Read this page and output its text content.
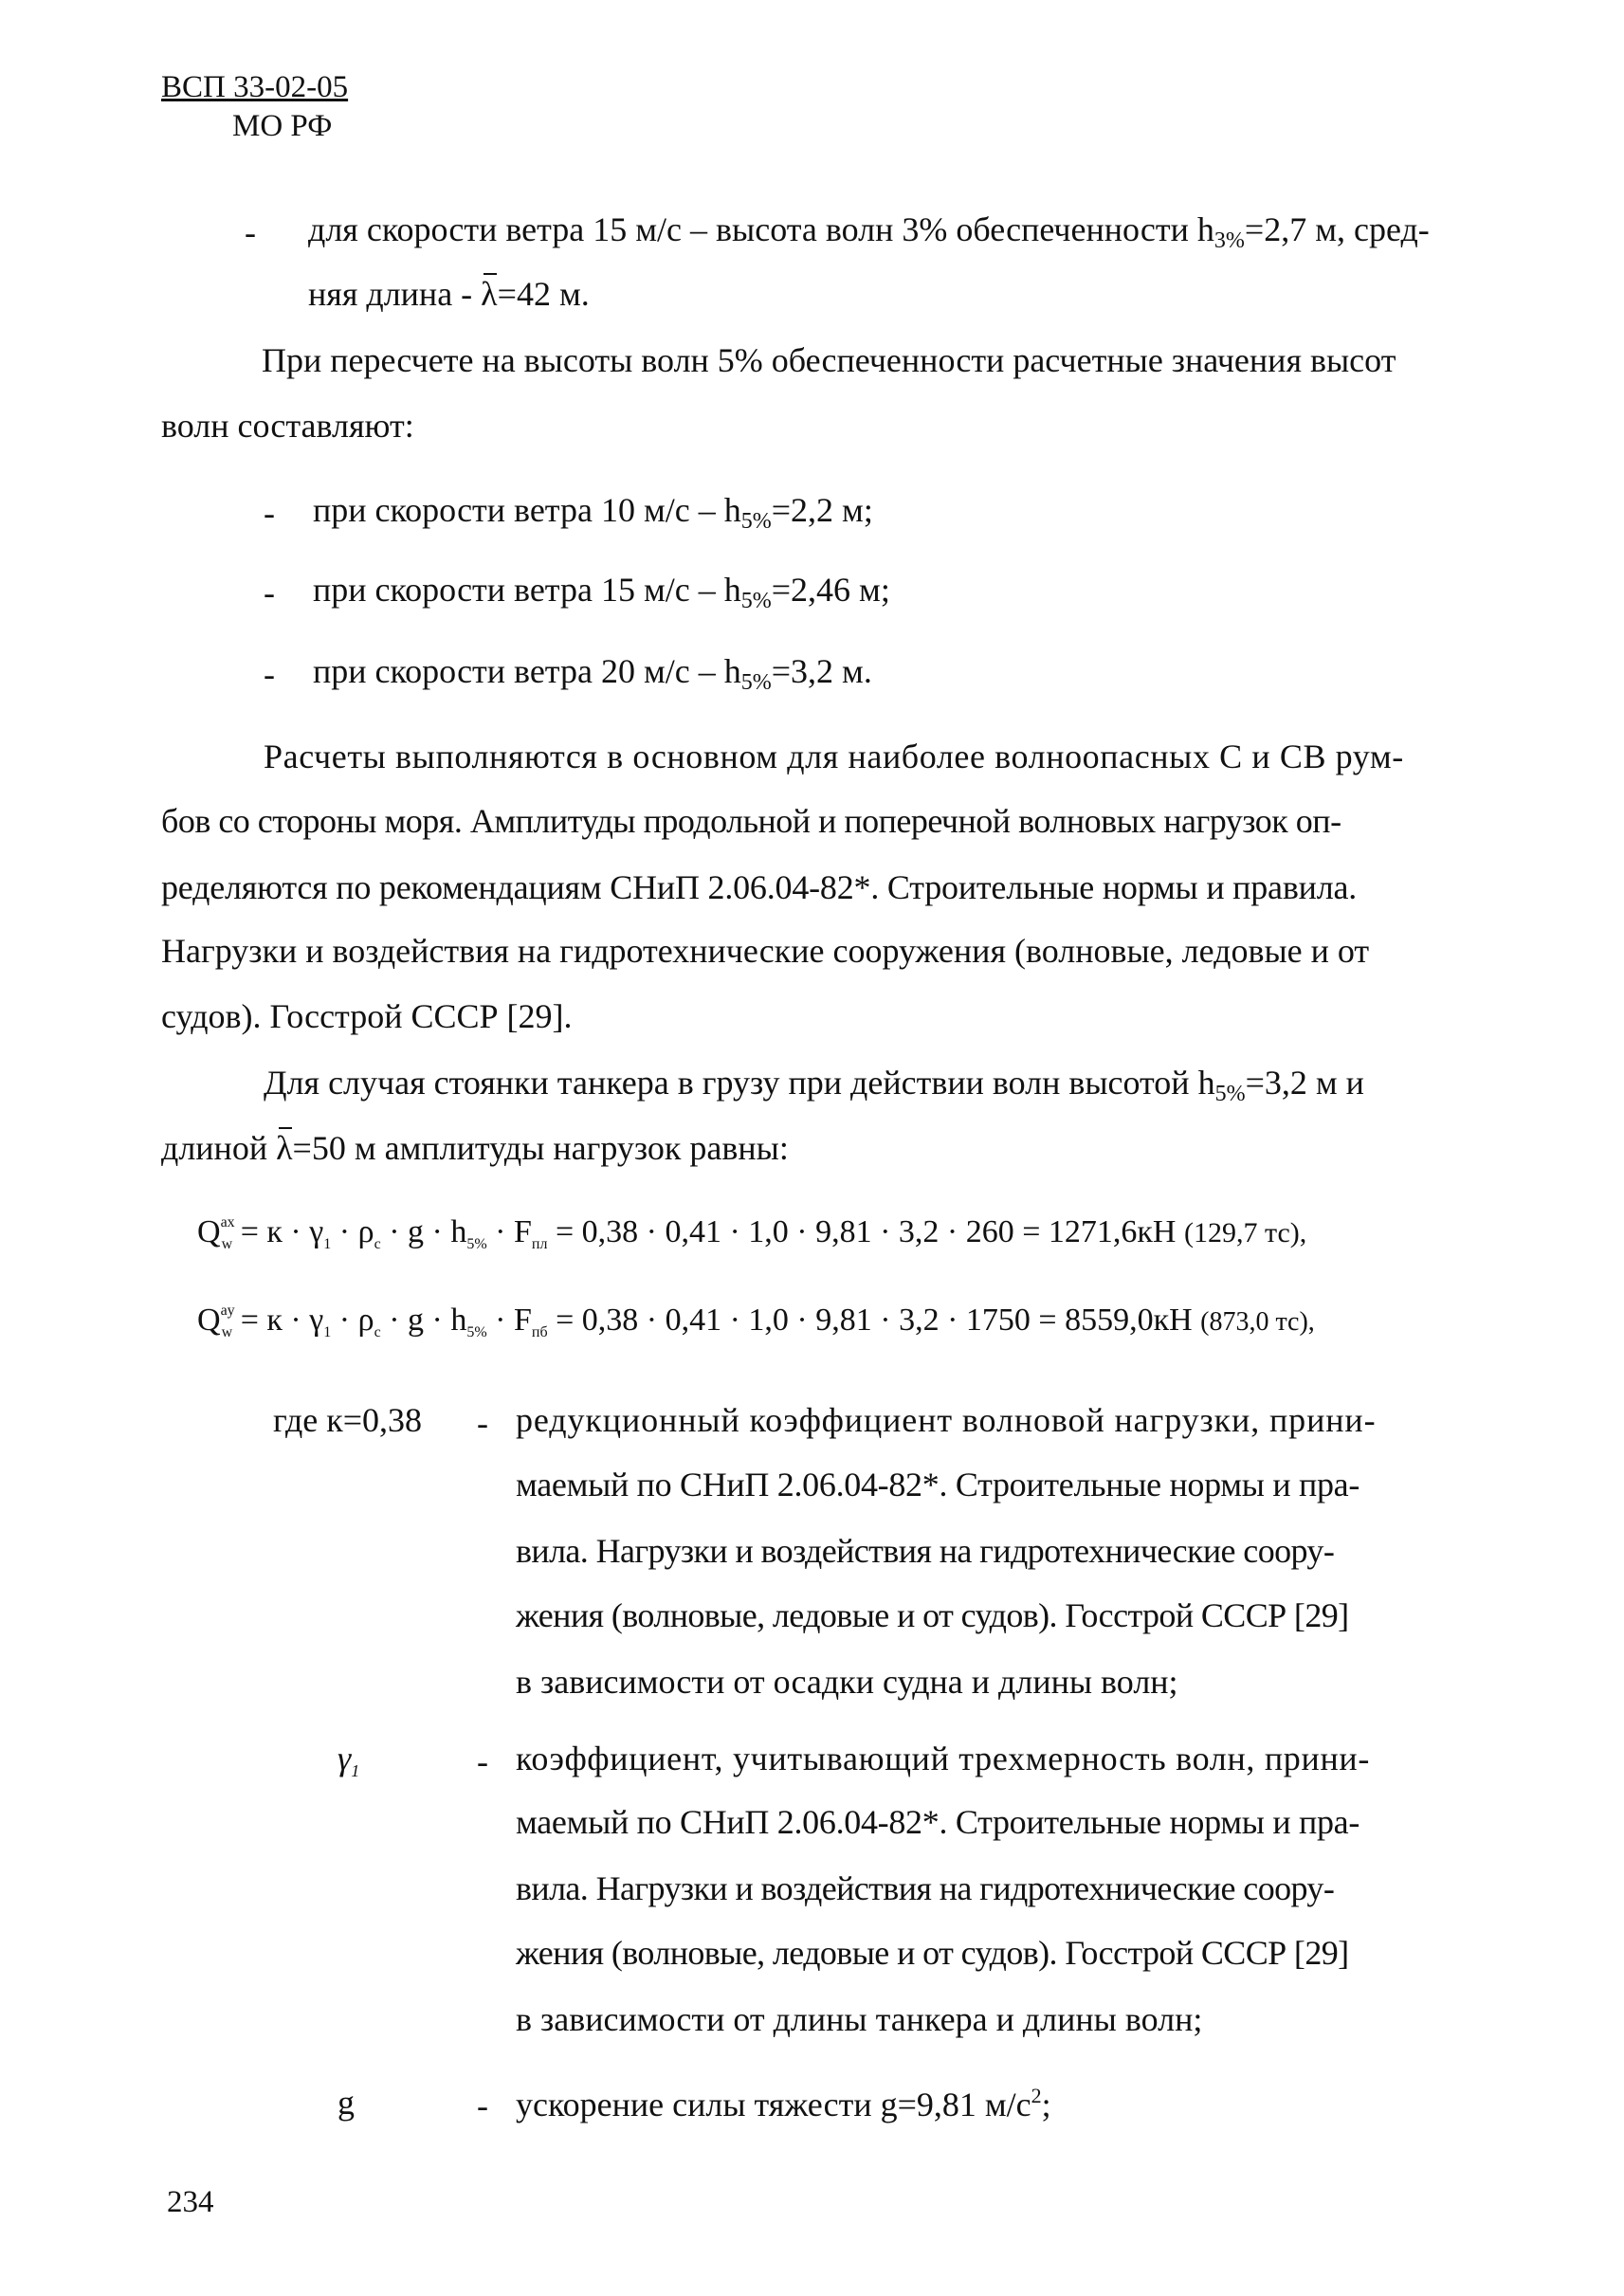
ВСП 33-02-05
МО РФ
- для скорости ветра 15 м/с – высота волн 3% обеспеченности $h_{3\%}=2,7$ м, сред-
няя длина - λ=42 м.
При пересчете на высоты волн 5% обеспеченности расчетные значения высот
волн составляют:
- при скорости ветра 10 $м/с - h_{5\%}=2,2$ м;
- при скорости ветра 15 $м/с - h_{5\%}=2,46$ м;
- при скорости ветра 20 $м/с - h_{5\%}=3,2$ м.
Расчеты выполняются в основном для наиболее волноопасных С и СВ рум-
бов со стороны моря. Амплитуды продольной и поперечной волновых нагрузок оп-
ределяются по рекомендациям СНиП 2.06.04-82*. Строительные нормы и правила.
Нагрузки и воздействия на гидротехнические сооружения (волновые, ледовые и от
судов). Госстрой СССР [29].
Для случая стоянки танкера в грузу при действии волн высотой $h_{5\%}=3,2$ м и
длиной λ=50 м амплитуды нагрузок равны:
$Q^{ax}_w = к \cdot \gamma_1 \cdot \rho_c \cdot g \cdot h_{5\%} \cdot F_{пл} = 0,38 \cdot 0,41 \cdot 1,0 \cdot 9,81 \cdot 3,2 \cdot 260 = 1271,6кН$ (129,7 тс),
$Q^{ay}_w = к \cdot \gamma_1 \cdot \rho_c \cdot g \cdot h_{5\%} \cdot F_{пб} = 0,38 \cdot 0,41 \cdot 1,0 \cdot 9,81 \cdot 3,2 \cdot 1750 = 8559,0кН$ (873,0 тс),
где к=0,38 - редукционный коэффициент волновой нагрузки, прини-
маемый по СНиП 2.06.04-82*. Строительные нормы и пра-
вила. Нагрузки и воздействия на гидротехнические соору-
жения (волновые, ледовые и от судов). Госстрой СССР [29]
в зависимости от осадки судна и длины волн;
$\gamma_1$	- коэффициент, учитывающий трехмерность волн, прини-
маемый по СНиП 2.06.04-82*. Строительные нормы и пра-
вила. Нагрузки и воздействия на гидротехнические соору-
жения (волновые, ледовые и от судов). Госстрой СССР [29]
в зависимости от длины танкера и длины волн;
g	- ускорение силы тяжести g=9,81 $м/с^2$;
234
